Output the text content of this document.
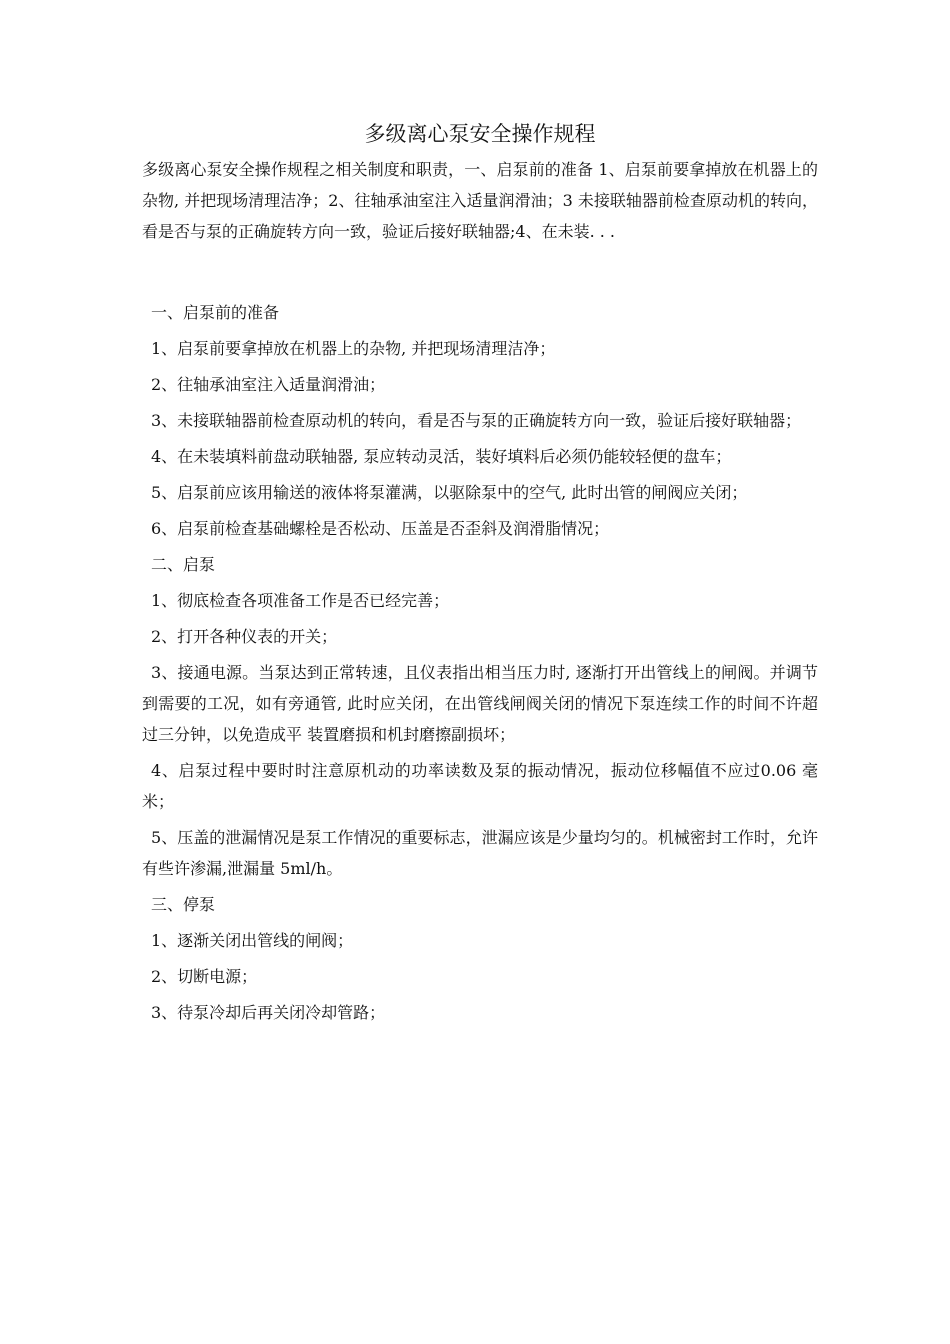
多级离心泵安全操作规程

多级离心泵安全操作规程之相关制度和职责，一、启泵前的准备 1、启泵前要拿掉放在机器上的杂物, 并把现场清理洁净；2、往轴承油室注入适量润滑油；3 未接联轴器前检查原动机的转向，看是否与泵的正确旋转方向一致，验证后接好联轴器;4、在未装. . .

一、启泵前的准备

1、启泵前要拿掉放在机器上的杂物, 并把现场清理洁净；

2、往轴承油室注入适量润滑油；

3、未接联轴器前检查原动机的转向，看是否与泵的正确旋转方向一致，验证后接好联轴器；

4、在未装填料前盘动联轴器, 泵应转动灵活，装好填料后必须仍能较轻便的盘车；

5、启泵前应该用输送的液体将泵灌满，以驱除泵中的空气, 此时出管的闸阀应关闭；

6、启泵前检查基础螺栓是否松动、压盖是否歪斜及润滑脂情况；

二、启泵

1、彻底检查各项准备工作是否已经完善；

2、打开各种仪表的开关；

3、接通电源。当泵达到正常转速，且仪表指出相当压力时, 逐渐打开出管线上的闸阀。并调节到需要的工况，如有旁通管, 此时应关闭，在出管线闸阀关闭的情况下泵连续工作的时间不许超过三分钟，以免造成平 装置磨损和机封磨擦副损坏；

4、启泵过程中要时时注意原机动的功率读数及泵的振动情况，振动位移幅值不应过0.06 毫米；

5、压盖的泄漏情况是泵工作情况的重要标志，泄漏应该是少量均匀的。机械密封工作时，允许有些许渗漏,泄漏量 5ml/h。

三、停泵

1、逐渐关闭出管线的闸阀；

2、切断电源；

3、待泵冷却后再关闭冷却管路；
